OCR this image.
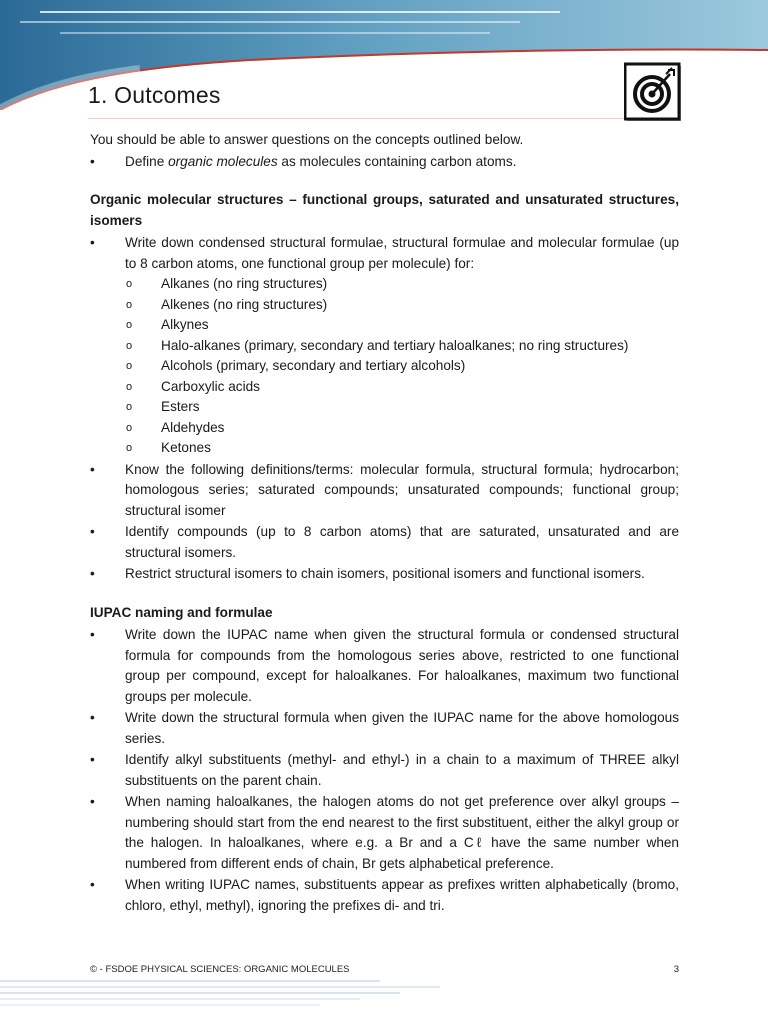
1. Outcomes

You should be able to answer questions on the concepts outlined below.

• Define organic molecules as molecules containing carbon atoms.

Organic molecular structures – functional groups, saturated and unsaturated structures, isomers

• Write down condensed structural formulae, structural formulae and molecular formulae (up to 8 carbon atoms, one functional group per molecule) for:
o Alkanes (no ring structures)
o Alkenes (no ring structures)
o Alkynes
o Halo-alkanes (primary, secondary and tertiary haloalkanes; no ring structures)
o Alcohols (primary, secondary and tertiary alcohols)
o Carboxylic acids
o Esters
o Aldehydes
o Ketones
• Know the following definitions/terms: molecular formula, structural formula; hydrocarbon; homologous series; saturated compounds; unsaturated compounds; functional group; structural isomer
• Identify compounds (up to 8 carbon atoms) that are saturated, unsaturated and are structural isomers.
• Restrict structural isomers to chain isomers, positional isomers and functional isomers.

IUPAC naming and formulae

• Write down the IUPAC name when given the structural formula or condensed structural formula for compounds from the homologous series above, restricted to one functional group per compound, except for haloalkanes. For haloalkanes, maximum two functional groups per molecule.
• Write down the structural formula when given the IUPAC name for the above homologous series.
• Identify alkyl substituents (methyl- and ethyl-) in a chain to a maximum of THREE alkyl substituents on the parent chain.
• When naming haloalkanes, the halogen atoms do not get preference over alkyl groups – numbering should start from the end nearest to the first substituent, either the alkyl group or the halogen. In haloalkanes, where e.g. a Br and a Cℓ have the same number when numbered from different ends of chain, Br gets alphabetical preference.
• When writing IUPAC names, substituents appear as prefixes written alphabetically (bromo, chloro, ethyl, methyl), ignoring the prefixes di- and tri.
© - FSDOE PHYSICAL SCIENCES: ORGANIC MOLECULES	3
